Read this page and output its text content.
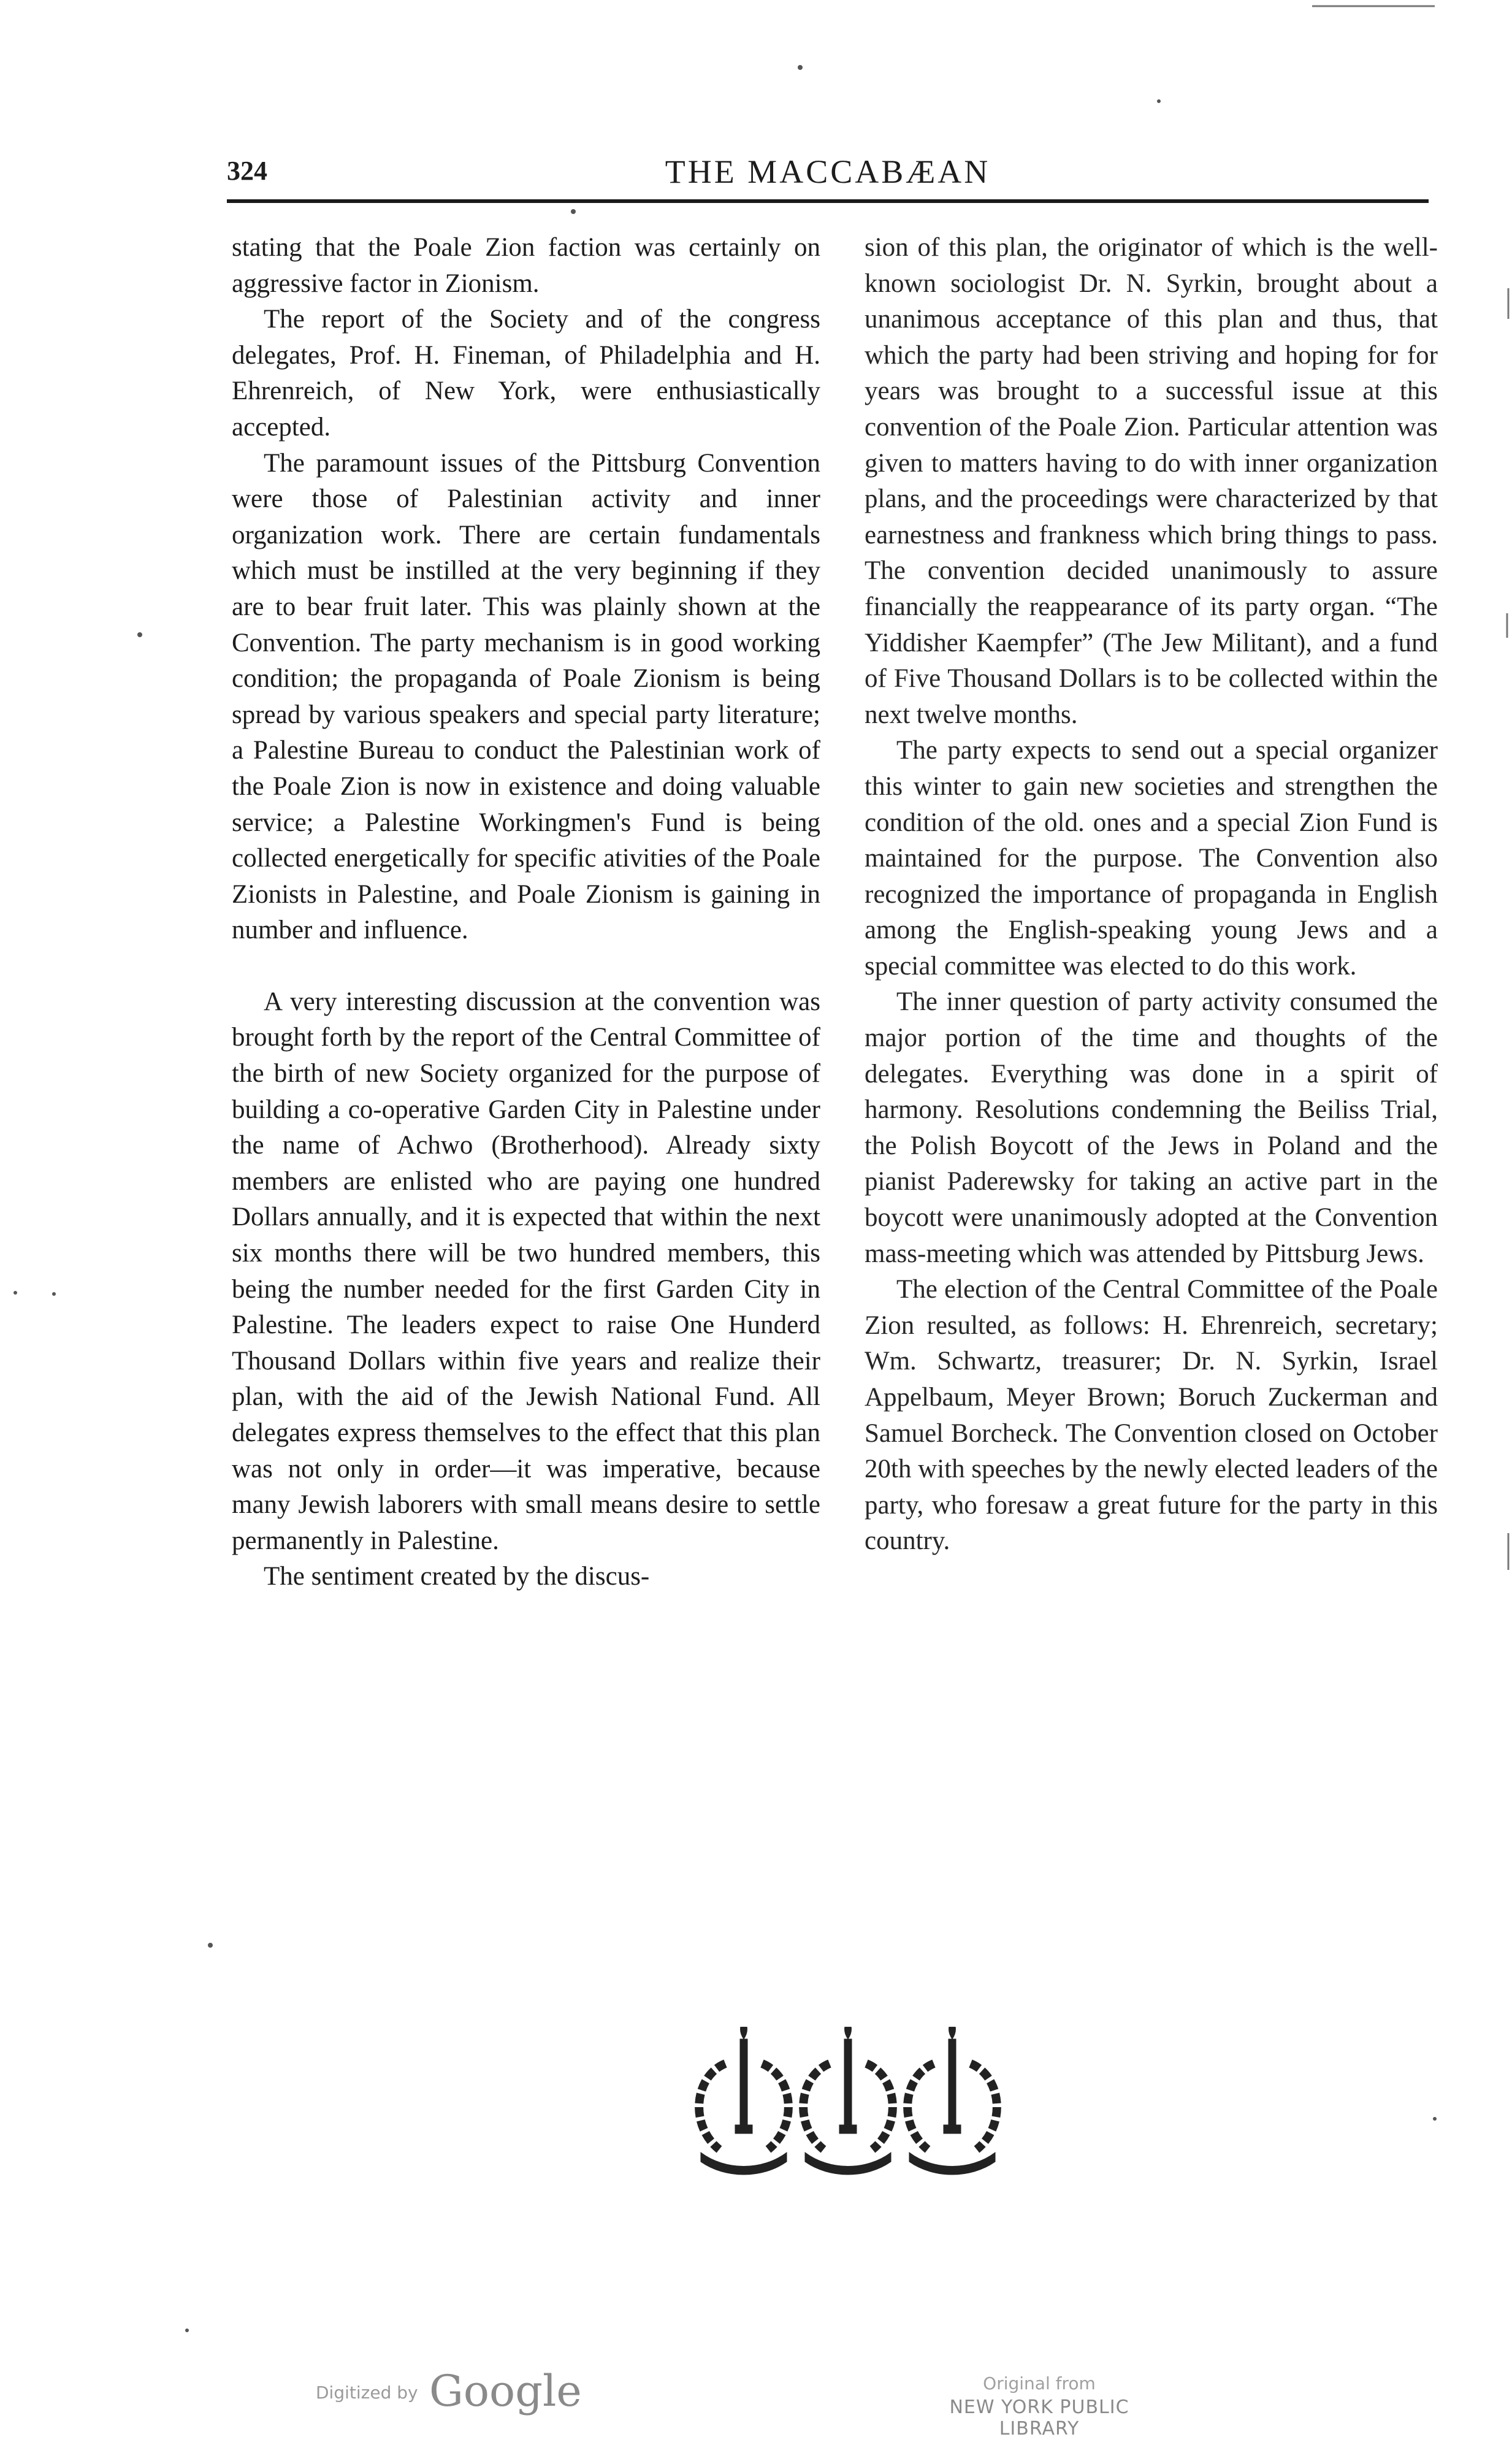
324	THE MACCABÆAN

stating that the Poale Zion faction was certainly on aggressive factor in Zionism.

The report of the Society and of the congress delegates, Prof. H. Fineman, of Philadelphia and H. Ehrenreich, of New York, were enthusiastically accepted.

The paramount issues of the Pittsburg Convention were those of Palestinian activity and inner organization work. There are certain fundamentals which must be instilled at the very beginning if they are to bear fruit later. This was plainly shown at the Convention. The party mechanism is in good working condition; the propaganda of Poale Zionism is being spread by various speakers and special party literature; a Palestine Bureau to conduct the Palestinian work of the Poale Zion is now in existence and doing valuable service; a Palestine Workingmen's Fund is being collected energetically for specific ativities of the Poale Zionists in Palestine, and Poale Zionism is gaining in number and influence.

A very interesting discussion at the convention was brought forth by the report of the Central Committee of the birth of new Society organized for the purpose of building a co-operative Garden City in Palestine under the name of Achwo (Brotherhood). Already sixty members are enlisted who are paying one hundred Dollars annually, and it is expected that within the next six months there will be two hundred members, this being the number needed for the first Garden City in Palestine. The leaders expect to raise One Hunderd Thousand Dollars within five years and realize their plan, with the aid of the Jewish National Fund. All delegates express themselves to the effect that this plan was not only in order—it was imperative, because many Jewish laborers with small means desire to settle permanently in Palestine.

The sentiment created by the discus-

sion of this plan, the originator of which is the well-known sociologist Dr. N. Syrkin, brought about a unanimous acceptance of this plan and thus, that which the party had been striving and hoping for for years was brought to a successful issue at this convention of the Poale Zion. Particular attention was given to matters having to do with inner organization plans, and the proceedings were characterized by that earnestness and frankness which bring things to pass. The convention decided unanimously to assure financially the reappearance of its party organ. “The Yiddisher Kaempfer” (The Jew Militant), and a fund of Five Thousand Dollars is to be collected within the next twelve months.

The party expects to send out a special organizer this winter to gain new societies and strengthen the condition of the old. ones and a special Zion Fund is maintained for the purpose. The Convention also recognized the importance of propaganda in English among the English-speaking young Jews and a special committee was elected to do this work.

The inner question of party activity consumed the major portion of the time and thoughts of the delegates. Everything was done in a spirit of harmony. Resolutions condemning the Beiliss Trial, the Polish Boycott of the Jews in Poland and the pianist Paderewsky for taking an active part in the boycott were unanimously adopted at the Convention mass-meeting which was attended by Pittsburg Jews.

The election of the Central Committee of the Poale Zion resulted, as follows: H. Ehrenreich, secretary; Wm. Schwartz, treasurer; Dr. N. Syrkin, Israel Appelbaum, Meyer Brown; Boruch Zuckerman and Samuel Borcheck. The Convention closed on October 20th with speeches by the newly elected leaders of the party, who foresaw a great future for the party in this country.

Digitized by Google	Original from
NEW YORK PUBLIC LIBRARY
